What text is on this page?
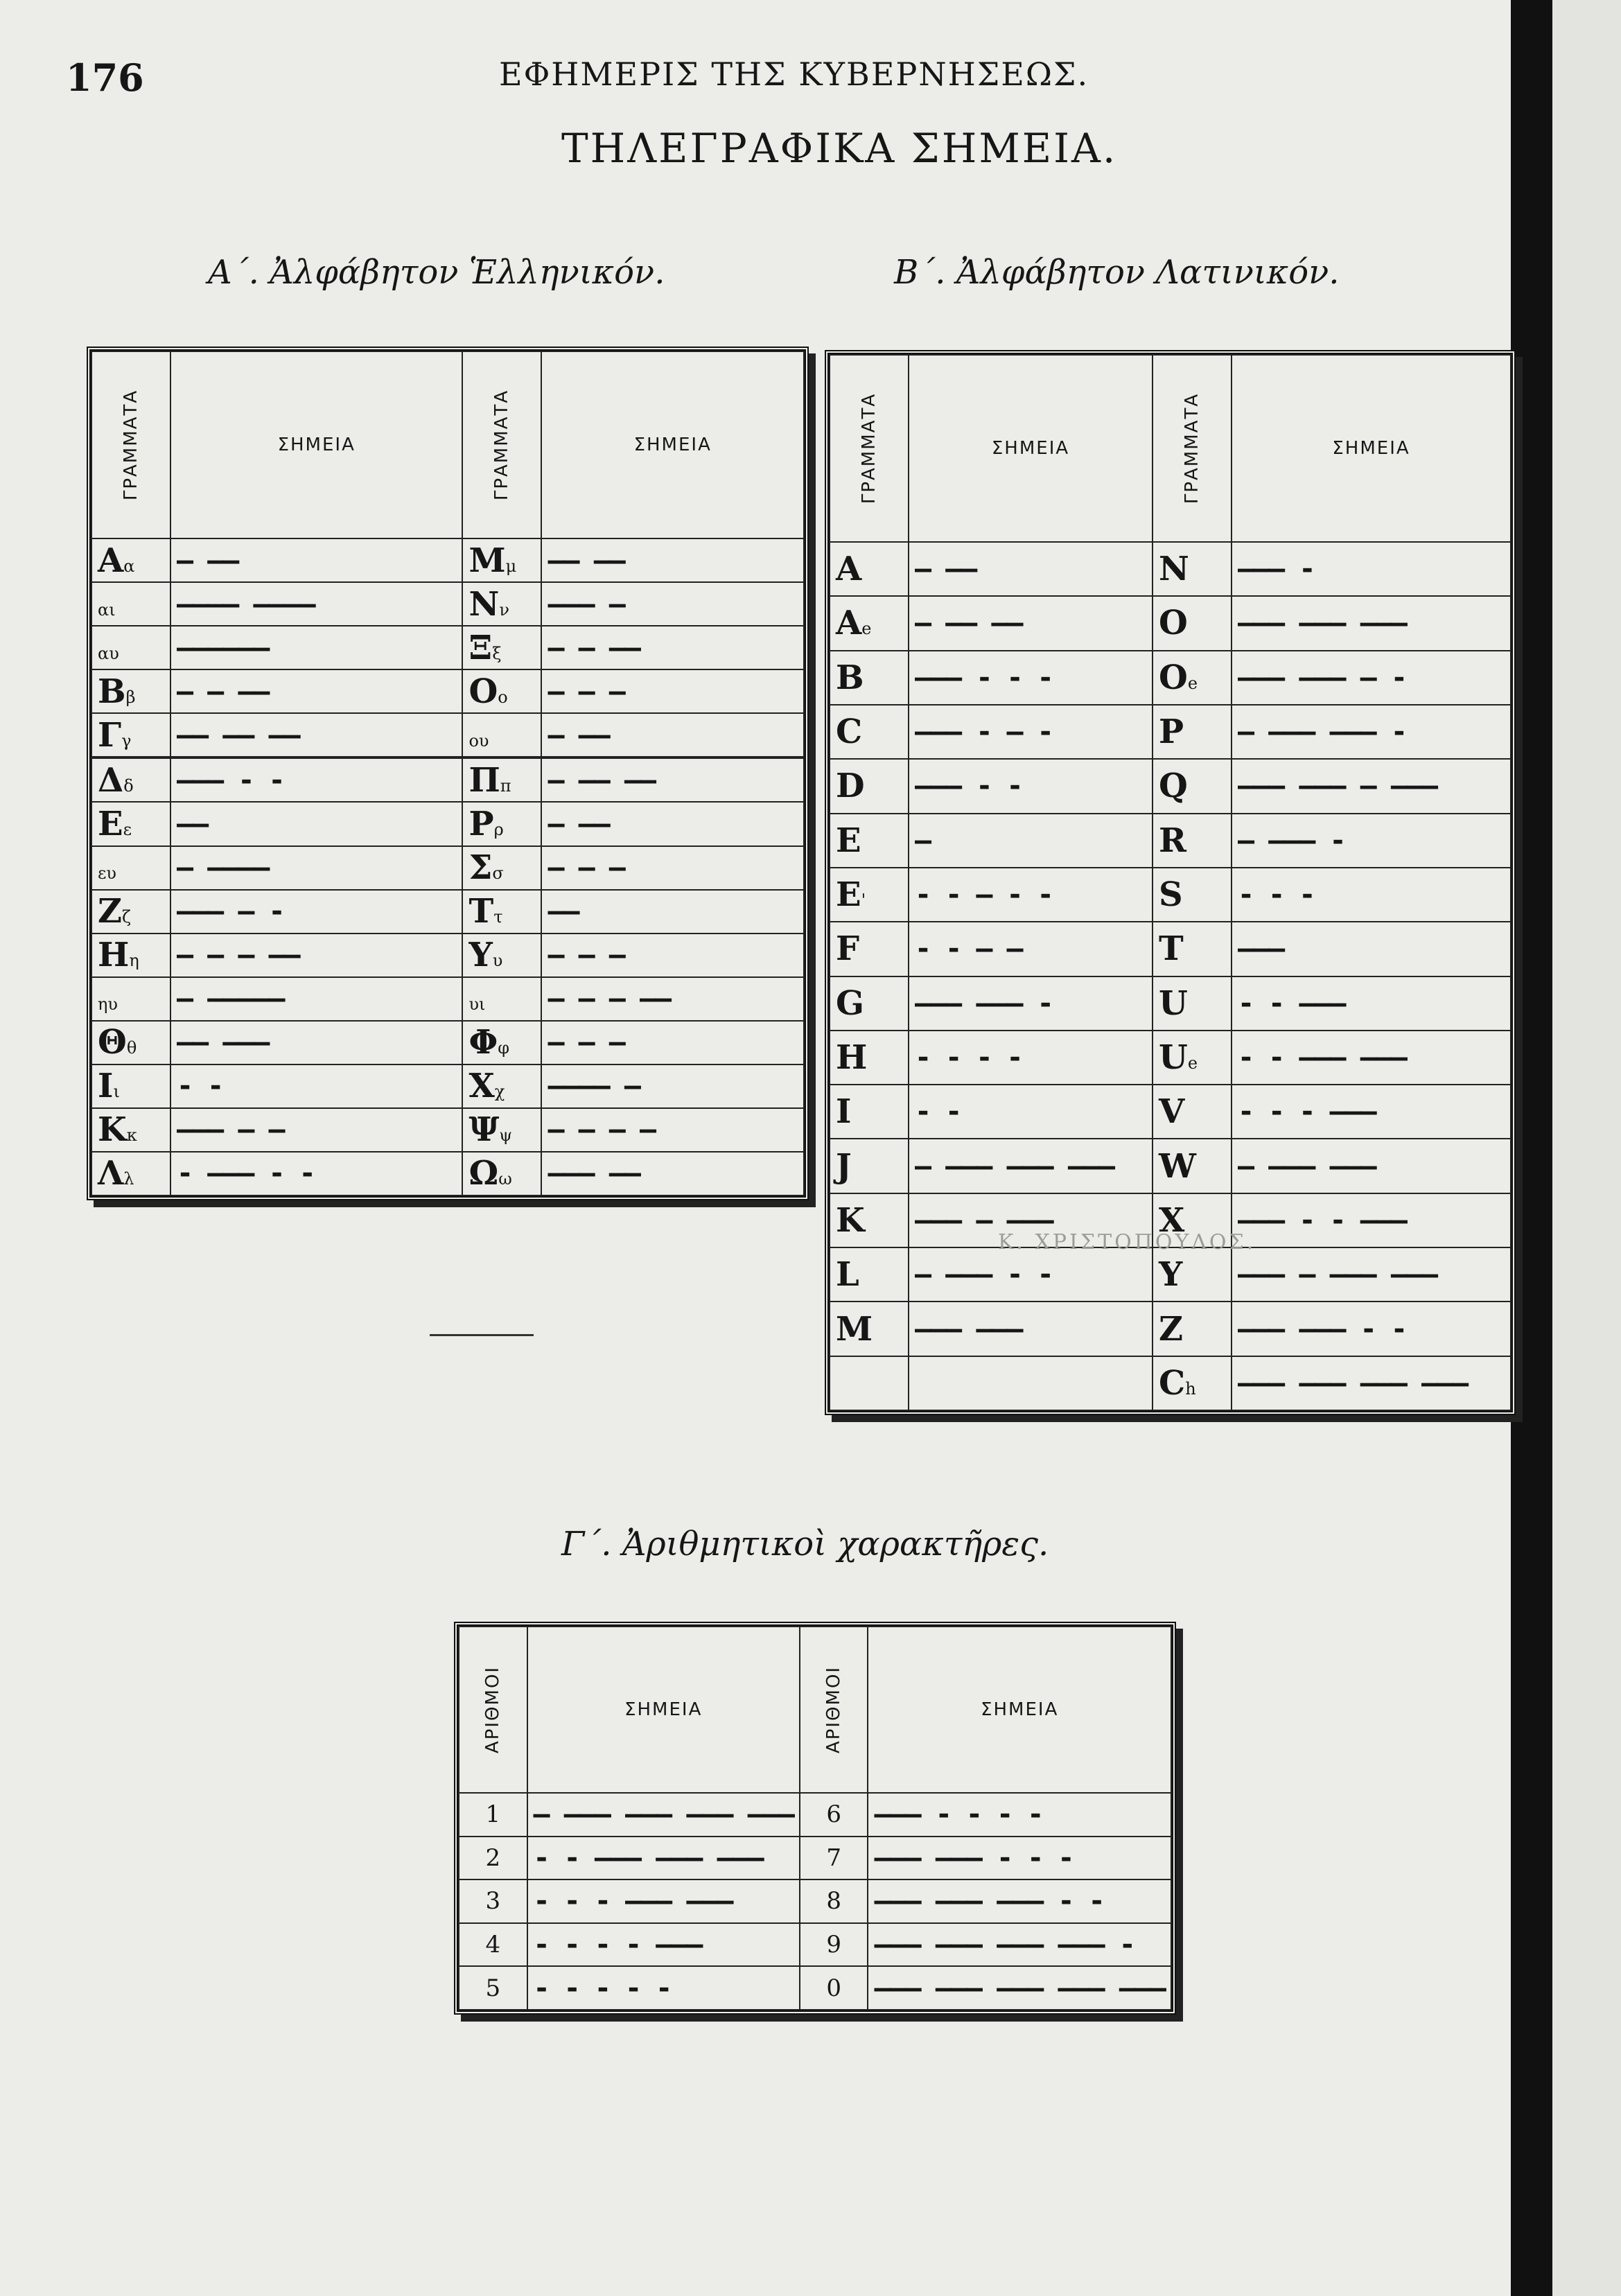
176	ΕΦΗΜΕΡΙΣ ΤΗΣ ΚΥΒΕΡΝΗΣΕΩΣ.
ΤΗΛΕΓΡΑΦΙΚΑ ΣΗΜΕΙΑ.
Α΄. Ἀλφάβητον Ἑλληνικόν.	Β΄. Ἀλφάβητον Λατινικόν.
Γ΄. Ἀριθμητικοὶ χαρακτῆρες.
ΓΡΑΜΜΑΤΑ	ΣΗΜΕΙΑ	ΓΡΑΜΜΑΤΑ	ΣΗΜΕΙΑ
Αα	– ––	Μμ	–– ––
αι	–––– ––––	Νν	––– –
αυ	––––––	Ξξ	– – ––
Ββ	– – ––	Οο	– – –
Γγ	–– –– ––	ου	– ––

Δδ	––– - -	Ππ	– –– ––
Εε	––	Ρρ	– ––
ευ	– ––––	Σσ	– – –
Ζζ	––– – -	Ττ	––
Ηη	– – – ––	Υυ	– – –
ηυ	– –––––	υι	– – – ––
Θθ	–– –––	Φφ	– – –
Ιι	- -	Χχ	–––– –
Κκ	––– – –	Ψψ	– – – –
Λλ	- ––– - -	Ωω	––– ––
ΓΡΑΜΜΑΤΑ	ΣΗΜΕΙΑ	ΓΡΑΜΜΑΤΑ	ΣΗΜΕΙΑ
A	– ––	N	––– -
Ae	– –– ––	O	––– ––– –––
B	––– - - -	Oe	––– ––– – -
C	––– - – -	P	– ––– ––– -
D	––– - -	Q	––– ––– – –––
E	–	R	– ––– -
E'	- - – - -	S	- - -
F	- - – –	T	–––
G	––– ––– -	U	- - –––
H	- - - -	Ue	- - ––– –––
I	- -	V	- - - –––
J	– ––– ––– –––	W	– ––– –––
K	––– – –––	X	––– - - –––
L	– ––– - -	Y	––– – ––– –––
M	––– –––	Z	––– ––– - -
		Ch	––– ––– ––– –––
ΑΡΙΘΜΟΙ	ΣΗΜΕΙΑ	ΑΡΙΘΜΟΙ	ΣΗΜΕΙΑ
1	– ––– ––– ––– –––	6	––– - - - -
2	- - ––– ––– –––	7	––– ––– - - -
3	- - - ––– –––	8	––– ––– ––– - -
4	- - - - –––	9	––– ––– ––– ––– -
5	- - - - -	0	––– ––– ––– ––– –––
Κ. ΧΡΙΣΤΟΠΟΥΛΟΣ.
